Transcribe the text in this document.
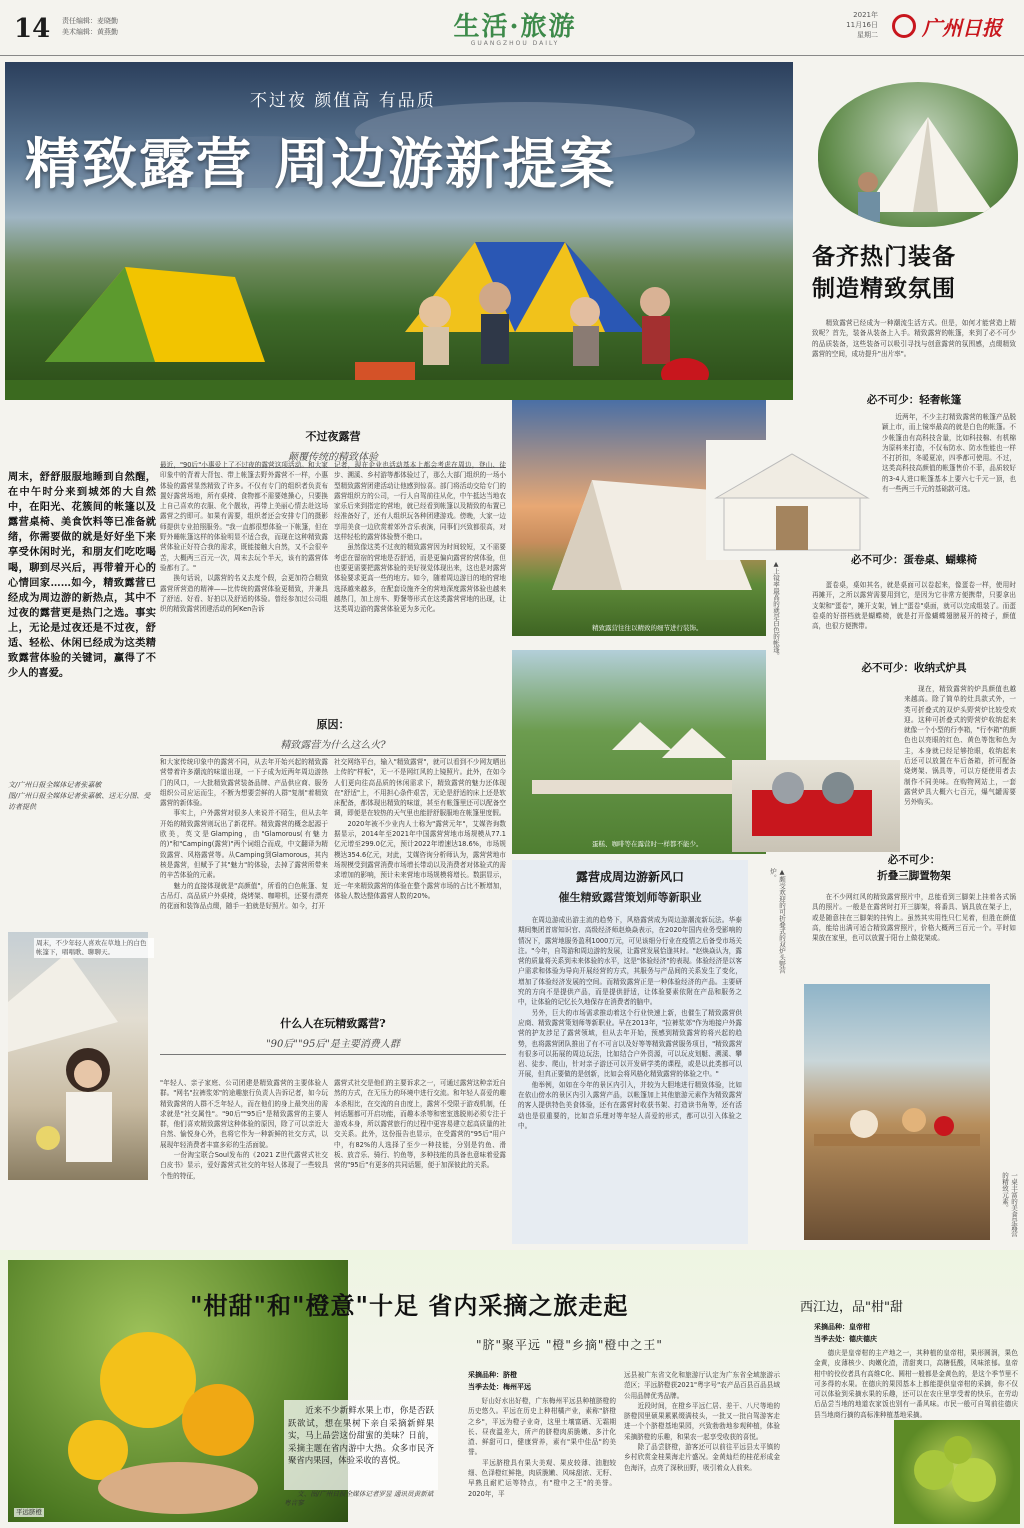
14 责任编辑：麦晓勤
美术编辑：黄燕勤	生活·旅游
GUANGZHOU DAILY
2021年
11月16日
星期二 广州日报
不过夜 颜值高 有品质
精致露营 周边游新提案
备齐热门装备
制造精致氛围
周末，舒舒服服地睡到自然醒，在中午时分来到城郊的大自然中，在阳光、花簇间的帐篷以及露营桌椅、美食饮料等已准备就绪，你需要做的就是好好坐下来享受休闲时光，和朋友们吃吃喝喝，聊到尽兴后，再带着开心的心情回家……如今，精致露营已经成为周边游的新热点，其中不过夜的露营更是热门之选。事实上，无论是过夜还是不过夜，舒适、轻松、休闲已经成为这类精致露营体验的关键词，赢得了不少人的喜爱。
文/广州日报全媒体记者张嘉敏
图/广州日报全媒体记者张嘉敏、送无分图、受访者提供
不过夜露营
颠覆传统的精致体验
最近，"90后"小惠爱上了不过夜的露营这项活动。和大家印象中的背着大背包、带上帐篷去野外露营不一样，小惠体验的露营显然精致了许多。不仅有专门的组织者负责布置好露营场地，所有桌椅、食物都不需要她操心，只要换上自己喜欢的衣服、化个靓妆，再带上美丽心情去赴这场露营之约即可。如果有需要，组织者还会安排专门的摄影师提供专业拍照服务。"我一直都很想体验一下帐篷，但在野外睡帐篷这样的体验明显不适合我，而现在这种精致露营体验正好符合我的需求，既能接触大自然，又不会很辛苦，大概两三百元一次，周末去玩个半天，该有的露营体验都有了。"
　　换句话说，以露营的名义去度个假，会更加符合精致露营所营造的精神——比传统的露营体验更精致，并兼具了舒适、好看、好拍以及舒适的体验。曾经参加过公司组织的精致露营团建活动的阿Ken告诉
记者，现在企业也活动基本上都会考虑在周边，登山、徒步、溯溪、乡村游等都体验过了，那么大部门组织的一场小型精致露营团建活动让他感到惊喜。部门将活动交给专门的露营组织方的公司，一行人自驾前往从化，中午抵达当地农家乐后来到指定的营地，就已经看到帐篷以及精致的布置已经准备好了，还有人组织玩各种团建游戏。傍晚，大家一边享用美食一边欣赏着郊外音乐表演，同事们兴致都很高，对这样轻松的露营体验赞不绝口。
　　虽然像这类不过夜的精致露营因为时间较短，又不需要考虑在留宿的营地是否舒适，而是更偏向露营的营体验，但也要更需要把露营体验的美好视觉体现出来，这也是对露营体验要求更高一些的地方。如今，随着周边游目的地的营地选择越来越多，在配套设施齐全的营地深度露营体验也越来越热门，加上房车、野餐等形式在这类露营营地的出现，让这类周边游的露营体验更为多元化。
原因：
精致露营为什么这么火?
和大家传统印象中的露营不同，从去年开始兴起的精致露营带着许多潮流的味道出现，一下子成为近两年周边游热门的风口，一大批精致露营装备品牌、产品供应商、服务组织公司应运而生，不断为想要尝鲜的人群"复制"着精致露营的新体验。
　　事实上，户外露营对很多人来说并不陌生，但从去年开始的精致露营则玩出了新花样。精致露营的概念起源于欧美，英文是Glamping，由"Glamorous(有魅力的)"和"Camping(露营)"两个词组合而成，中文翻译为精致露营、风格露营等。从Camping到Glamorous，其内核是露营，但赋予了其"魅力"的体验，去掉了露营所带来的辛苦体验的元素。
　　魅力的直接体现就是"高颜值"，所看的白色帐篷、复古吊灯、高品质户外桌椅，烧烤架、咖啡机，还要有漂亮的花面和装饰品点缀，随手一拍就是好照片。如今，打开
社交网络平台，输入"精致露营"，就可以看到不少网友晒出上传的"样板"，无一不是网红风的上镜照片。此外，在如今人们更向往高品质的休闲需求下，精致露营的魅力还体现在"舒适"上，不用担心条件艰苦，无论是舒适的床上还是软床配备，都体现出精致的味道，甚至有帐篷里还可以配备空调，即便是在较热的天气里也能舒舒服服地在帐篷里度假。
　　2020年被不少业内人士称为"露营元年"，艾媒咨询数据显示，2014年至2021年中国露营营地市场规模从77.1亿元增至299.0亿元，预计2022年增速达18.6%，市场规模达354.6亿元，对此，艾媒咨询分析师认为，露营营地市场规模受到露营消费市场增长带动以及消费者对体验式的需求增加的影响，预计未来营地市场规模将增长。数据显示，近一年来精致露营的体验在整个露营市场的占比不断增加，体验人数达整体露营人数的20%。
周末，不少年轻人喜欢在草地上的白色帐篷下，唱唱歌、聊聊天。
什么人在玩精致露营?
"90后""95后"是主要消费人群
"年轻人、亲子家庭、公司团建是精致露营的主要体验人群。"网名"拉裤浆郊"的途趣旅行负责人告诉记者，如今玩精致露营的人群不乏年轻人，而在他们的身上最突出的需求就是"社交属性"。"90后""95后"是精致露营的主要人群，他们喜欢精致露营这种体验的原因，除了可以亲近大自然、愉悦身心外，也将它作为一种新鲜的社交方式，以展现年轻消费者丰富多彩的生活面貌。
　　一份淘宝联合Soul发布的《2021 Z世代露营式社交白皮书》显示，爱好露营式社交的年轻人体现了一些较具个性的特征，
露营式社交是他们的主要诉求之一，可通过露营这种亲近自然的方式，在无压力的环境中进行交流。和年轻人喜爱的趣本杀相比，在交流的自由度上，露营不受限于游戏机制，任何话题都可开启功能，而趣本杀等和密室逃脱则必须专注于游戏本身，所以露营旅行的过程中更容易建立起高质量的社交关系。此外，这份报告也显示，在受露营的"95后"用户中，有82%的人选择了至少一种技能，分别是钓鱼、滑板、放音乐、骑行、钓鱼等，多种技能的具备也意味着爱露营的"95后"有更多的共同话题，便于加深彼此的关系。
精致露营往往以精致的细节进行装饰。	▲上镜率最高的就是白色的帐篷。
蛋糕、咖啡等在露营时一样都不能少。
▲颇受欢迎的可折叠式的双炉头野营炉。
露营成周边游新风口
催生精致露营策划师等新职业
　　在周边游成出游主流的趋势下，风格露营成为周边游潮流新玩法。华泰期间集团首席知识官、高级经济师赵焕焱表示，在2020年国内业务受影响的情况下，露营地服务盈利1000万元，可见该细分行业在疫情之后备受市场关注。"今年，自驾游和周边游的发展，让露营发展恰逢其时。"赵焕焱认为，露营的质量将关系到未来体验的水平，这是"体验经济"的表现。体验经济是以客户需求和体验为导向开展经营的方式，其服务与产品间的关系发生了变化，增加了体验经济发展的空间。而精致露营正是一种体验经济的产品。主要研究的方向不是提供产品，而是提供舒适，让体验要素依附在产品和服务之中，让体验的记忆长久地保存在消费者的脑中。
　　另外，巨大的市场需求推动着这个行业快速上新，也催生了精致露营供应商、精致露营策划师等新职业。早在2013年，"拉裤浆郊"作为地接户外露营的护友涉足了露营领域，但从去年开始，预感到精致露营的将兴起的趋势，也将露营团队推出了有不可言以及好等等精致露营服务项目，"精致露营有很多可以拓展的周边玩法，比如结合户外资源，可以玩皮划艇、溯溪、攀岩、徒步、爬山，针对亲子游还可以开发研学类的课程，或是以此类都可以开展，但真正要做的是创新，比如会将风格化精致露营的体验之中。"
　　他举例，如如在今年的景区内引入，并较为大胆地进行精致体验，比如在依山傍水的景区内引入露营产品，以帐篷加上其他旅游元素作为精致露营的客人提供特色美食体验，还有在露营时收获书架、打造读书角等，还有活动也是很重要的，比如音乐理对等年轻人喜爱的形式，都可以引入体验之中。
　　精致露营已经成为一种潮流生活方式。但是，如何才能营造上精致呢？首先，装备从装备上入手。精致露营的帐篷，来到了必不可少的品质装备，这些装备可以吸引寻找与创意露营的氛围感，点缀精致露营的空间，成功提升"出片率"。
必不可少：轻奢帐篷
　　近两年，不少主打精致露营的帐篷产品脱颖上市，而上镜率最高的就是白色的帐篷。不少帐篷由有高科技含量，比如科技棉、有机棉为原料来打造，不仅布防水、防水性能也一样不打折扣，冬暖夏凉，四季都可使用。不过，这类高科技高颜值的帐篷售价不菲，品质较好的3-4人进口帐篷基本上要六七千元一顶，也有一些两三千元的基础款可选。
必不可少：蛋卷桌、蝴蝶椅
　　蛋卷桌，桌如其名，就是桌面可以卷起来，像蛋卷一样，使用时再摊开，之所以露营需要用到它，是因为它非常方便携带，只要拿出支架和"蛋卷"，摊开支架，铺上"蛋卷"桌面，就可以完成组装了。而蛋卷桌的好搭档就是蝴蝶椅，就是打开像蝴蝶翅膀展开的椅子，颜值高，也很方便携带。
必不可少：收纳式炉具
　　现在，精致露营的炉具颜值也越来越高。除了简单的灶具款式外，一类可折叠式的双炉头野营炉比较受欢迎。这种可折叠式的野营炉收纳起来就像一个小型的行李箱，"行李箱"的颜色也以亮眼的红色、黄色等饱和色为主，本身就已经足够抢眼，收纳起来后还可以放置在车后备箱，折可配备烧烤架、锅具等，可以方便使用者去制作不同美味。在购物网站上，一套露营炉具大概六七百元，爆气罐需要另外购买。
必不可少：
折叠三脚置物架
　　在不少网红风的精致露营照片中，总能看到三脚架上挂着各式锅具的照片。一般是在露营时打开三脚架，将番具、锅具放在架子上，或是随意挂在三脚架的挂钩上。虽然其实用性只仁见着，但胜在颜值高，能给出满可适合精致露营照片，价格大概两三百元一个。平时如果放在家里，也可以放置于阳台上做花架或。
一桌丰富的美食是露营的精致元素。
平远脐橙
"柑甜"和"橙意"十足 省内采摘之旅走起
"脐"聚平远 "橙"乡摘"橙中之王"
　　近来不少新鲜水果上市，你是否跃跃欲试，想在果树下亲自采摘新鲜果实，马上品尝这份甜蜜的美味？日前，采摘主题在省内游中大热。众多市民齐聚省内果园，体验采收的喜悦。
　　文、图/广州日报全媒体记者罗显 通讯员黄新斌 粤音寥
采摘品种：脐橙
当季去处：梅州平远
　　好山好水出好橙，广东梅州平远县种植脐橙的历史悠久。平远在历史上种柑橘产业，素称"脐橙之乡"，平远为橙子业奇，这里土壤富硒、无霜期长、昼夜温差大，所产的脐橙肉质脆嫩、多汁化渣、鲜甜可口，健康营养，素有"果中佳品"的美誉。
　　平远脐橙具有果大美观、果皮较薄、油胞较细、色泽橙红鲜艳，肉质脆嫩、风味甜浓、无籽、早熟且耐贮运等特点，有"橙中之王"的美誉。2020年，平
远县被广东省文化和旅游厅认定为广东省全域旅游示范区；平远脐橙获2021"粤字号"农产品百县百品县域公用品牌优秀品牌。
　　近段时间，在橙乡平远仁居、差干、八尺等地的脐橙园里硕果累累缀满枝头，一批又一批自驾游客走进一个个脐橙基地果园，兴致勃勃地参观种植，体验采摘脐橙的乐趣，和果农一起享受收获的喜悦。
　　除了品尝脐橙，游客还可以前往平远县太平镇的乡村欣赏金桂果海走片盛况。金黄灿烂的桂花形成金色海洋，点亮了深秋田野，吸引着众人前来。
西江边，品"柑"甜
采摘品种：皇帝柑
当季去处：德庆德庆
　　德庆是皇帝柑的主产地之一，其种植的皇帝柑，果形圆润，果色金黄，皮薄核少、肉嫩化渣，清甜爽口，高糖低酸，风味浓郁。皇帝柑中的佼佼者具有高维C化、圆柑一般都是金黄色的，是这个季节里不可多得的水果。在德庆的果园基本上都能提供皇帝柑的采摘，你不仅可以体验到采摘水果的乐趣，还可以在农庄里享受着的快乐，在劳动后品尝当地的地道农家饭也别有一番风味。市民一般可自驾前往德庆县当地商行摘的高标准种植基地采摘。
